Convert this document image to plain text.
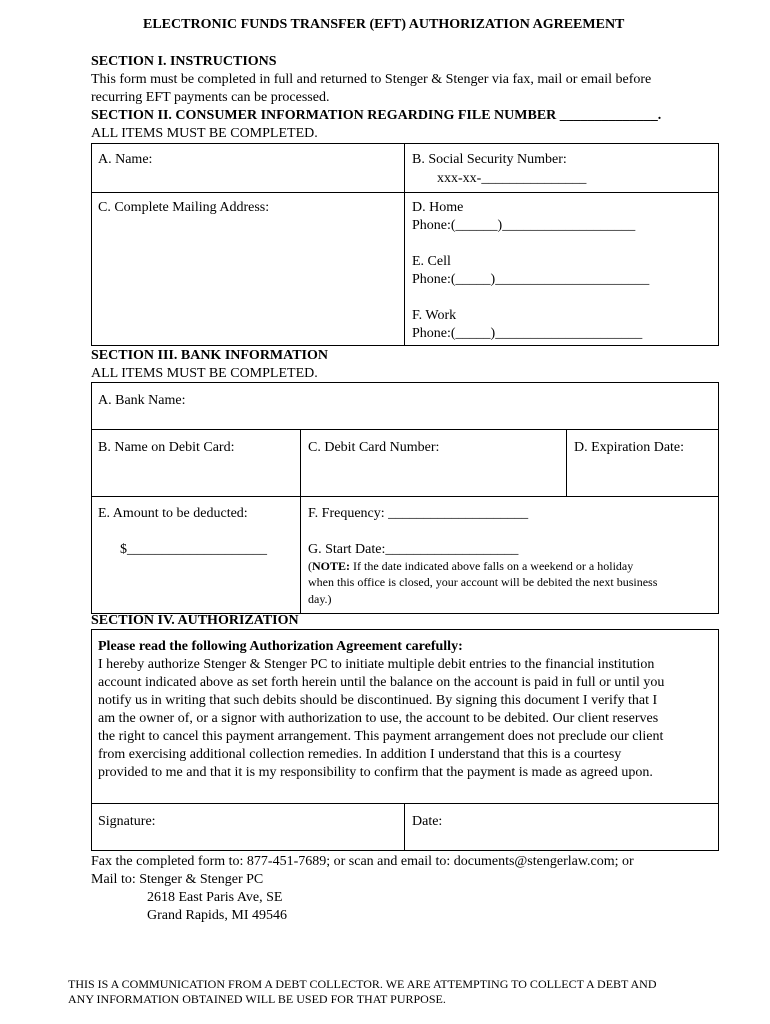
ELECTRONIC FUNDS TRANSFER (EFT) AUTHORIZATION AGREEMENT
SECTION I. INSTRUCTIONS
This form must be completed in full and returned to Stenger & Stenger via fax, mail or email before
recurring EFT payments can be processed.
SECTION II. CONSUMER INFORMATION REGARDING FILE NUMBER ______________.
ALL ITEMS MUST BE COMPLETED.
A. Name:	B. Social Security Number:
xxx-xx-_______________
C. Complete Mailing Address:	D. Home
Phone:(______)___________________
E. Cell
Phone:(_____)______________________
F. Work
Phone:(_____)_____________________
SECTION III. BANK INFORMATION
ALL ITEMS MUST BE COMPLETED.
A. Bank Name:
B. Name on Debit Card:	C. Debit Card Number:	D. Expiration Date:
E. Amount to be deducted:
$____________________
F. Frequency: ____________________
G. Start Date:___________________
(NOTE: If the date indicated above falls on a weekend or a holiday
when this office is closed, your account will be debited the next business
day.)
SECTION IV. AUTHORIZATION
Please read the following Authorization Agreement carefully:
I hereby authorize Stenger & Stenger PC to initiate multiple debit entries to the financial institution
account indicated above as set forth herein until the balance on the account is paid in full or until you
notify us in writing that such debits should be discontinued. By signing this document I verify that I
am the owner of, or a signor with authorization to use, the account to be debited. Our client reserves
the right to cancel this payment arrangement. This payment arrangement does not preclude our client
from exercising additional collection remedies. In addition I understand that this is a courtesy
provided to me and that it is my responsibility to confirm that the payment is made as agreed upon.
Signature:	Date:
Fax the completed form to: 877-451-7689; or scan and email to: documents@stengerlaw.com; or
Mail to: Stenger & Stenger PC
2618 East Paris Ave, SE
Grand Rapids, MI 49546
THIS IS A COMMUNICATION FROM A DEBT COLLECTOR. WE ARE ATTEMPTING TO COLLECT A DEBT AND
ANY INFORMATION OBTAINED WILL BE USED FOR THAT PURPOSE.
